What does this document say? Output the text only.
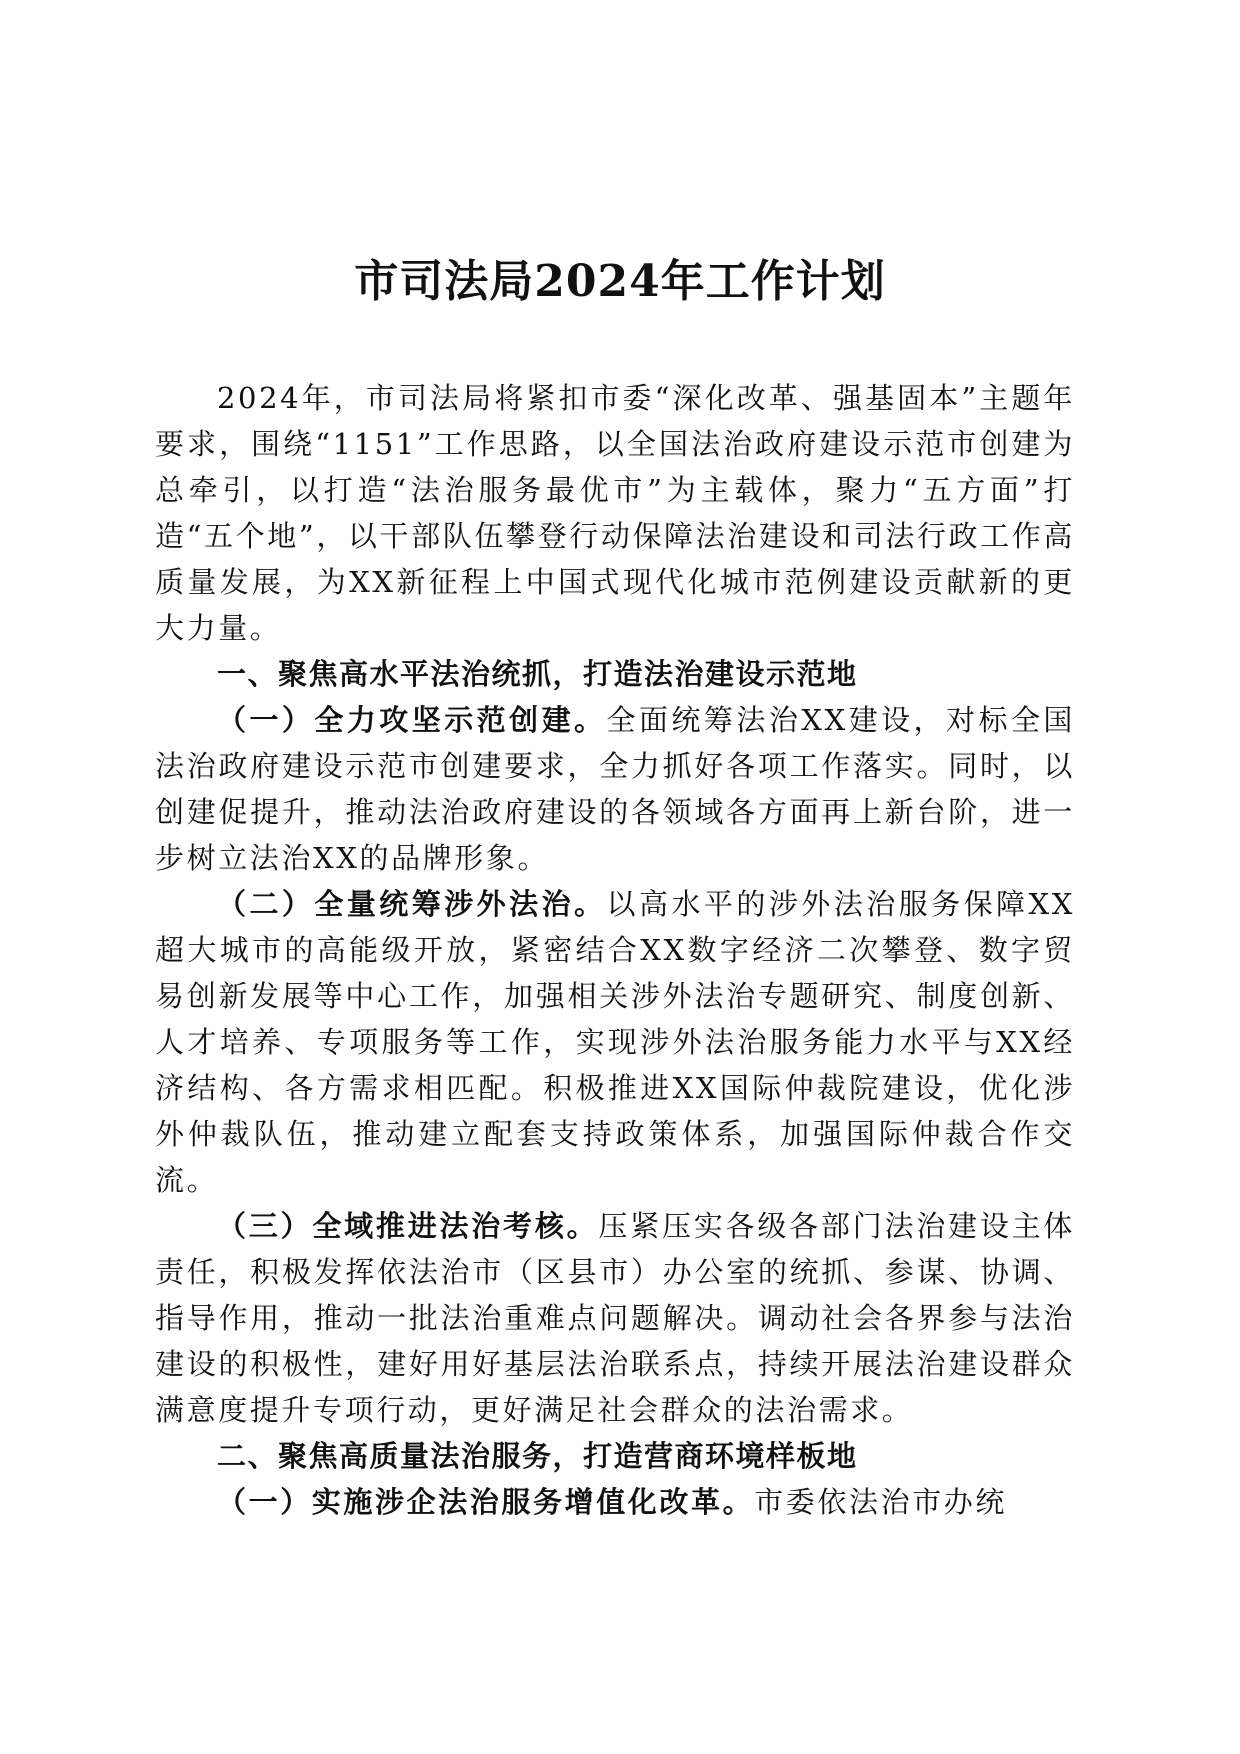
市司法局2024年工作计划

2024年，市司法局将紧扣市委“深化改革、强基固本”主题年要求，围绕“1151”工作思路，以全国法治政府建设示范市创建为总牵引，以打造“法治服务最优市”为主载体，聚力“五方面”打造“五个地”，以干部队伍攀登行动保障法治建设和司法行政工作高质量发展，为XX新征程上中国式现代化城市范例建设贡献新的更大力量。

一、聚焦高水平法治统抓，打造法治建设示范地

（一）全力攻坚示范创建。全面统筹法治XX建设，对标全国法治政府建设示范市创建要求，全力抓好各项工作落实。同时，以创建促提升，推动法治政府建设的各领域各方面再上新台阶，进一步树立法治XX的品牌形象。

（二）全量统筹涉外法治。以高水平的涉外法治服务保障XX超大城市的高能级开放，紧密结合XX数字经济二次攀登、数字贸易创新发展等中心工作，加强相关涉外法治专题研究、制度创新、人才培养、专项服务等工作，实现涉外法治服务能力水平与XX经济结构、各方需求相匹配。积极推进XX国际仲裁院建设，优化涉外仲裁队伍，推动建立配套支持政策体系，加强国际仲裁合作交流。

（三）全域推进法治考核。压紧压实各级各部门法治建设主体责任，积极发挥依法治市（区县市）办公室的统抓、参谋、协调、指导作用，推动一批法治重难点问题解决。调动社会各界参与法治建设的积极性，建好用好基层法治联系点，持续开展法治建设群众满意度提升专项行动，更好满足社会群众的法治需求。

二、聚焦高质量法治服务，打造营商环境样板地

（一）实施涉企法治服务增值化改革。市委依法治市办统
